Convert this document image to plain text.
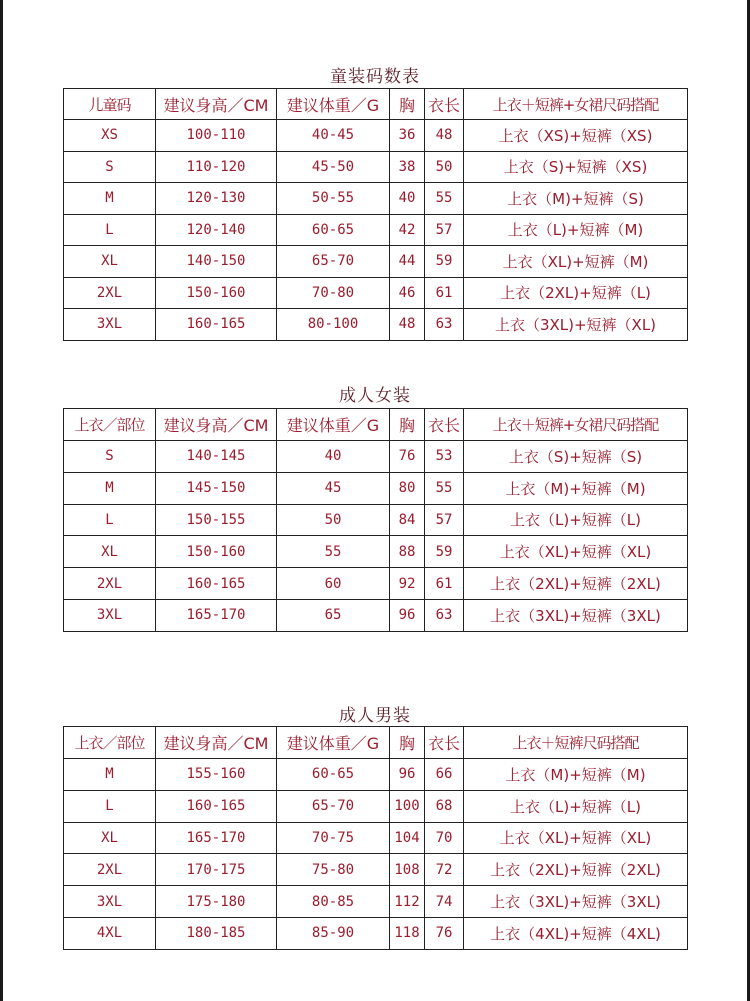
童装码数表
儿童码	建议身高／CM	建议体重／G	胸	衣长	上衣＋短裤+女裙尺码搭配
XS	100-110	40-45	36	48	上衣（XS)+短裤（XS)
S	110-120	45-50	38	50	上衣（S)+短裤（XS)
M	120-130	50-55	40	55	上衣（M)+短裤（S)
L	120-140	60-65	42	57	上衣（L)+短裤（M)
XL	140-150	65-70	44	59	上衣（XL)+短裤（M)
2XL	150-160	70-80	46	61	上衣（2XL)+短裤（L)
3XL	160-165	80-100	48	63	上衣（3XL)+短裤（XL)
成人女装
上衣／部位	建议身高／CM	建议体重／G	胸	衣长	上衣＋短裤+女裙尺码搭配
S	140-145	40	76	53	上衣（S)+短裤（S)
M	145-150	45	80	55	上衣（M)+短裤（M)
L	150-155	50	84	57	上衣（L)+短裤（L)
XL	150-160	55	88	59	上衣（XL)+短裤（XL)
2XL	160-165	60	92	61	上衣（2XL)+短裤（2XL)
3XL	165-170	65	96	63	上衣（3XL)+短裤（3XL)
成人男装
上衣／部位	建议身高／CM	建议体重／G	胸	衣长	上衣＋短裤尺码搭配
M	155-160	60-65	96	66	上衣（M)+短裤（M)
L	160-165	65-70	100	68	上衣（L)+短裤（L)
XL	165-170	70-75	104	70	上衣（XL)+短裤（XL)
2XL	170-175	75-80	108	72	上衣（2XL)+短裤（2XL)
3XL	175-180	80-85	112	74	上衣（3XL)+短裤（3XL)
4XL	180-185	85-90	118	76	上衣（4XL)+短裤（4XL)
